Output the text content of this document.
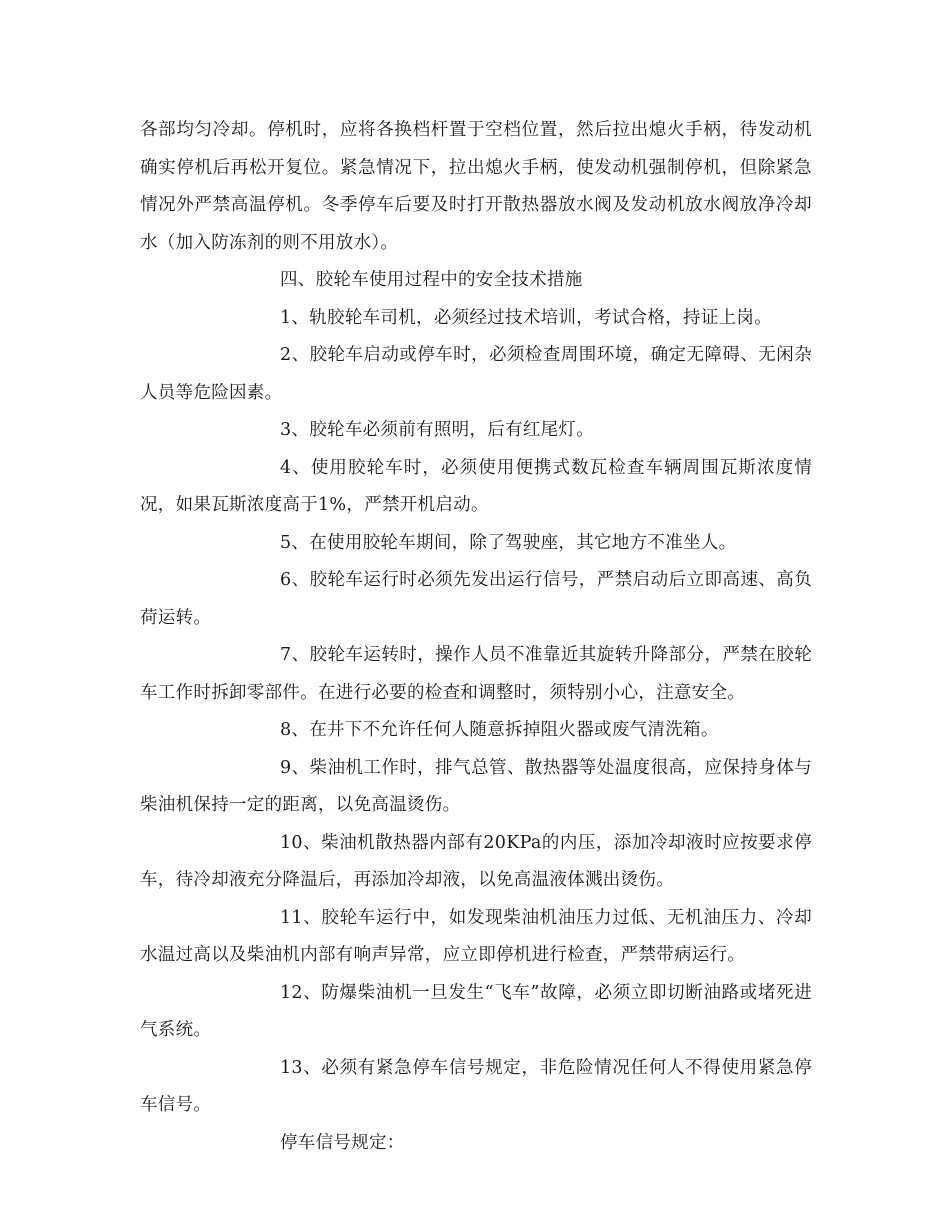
各部均匀冷却。停机时，应将各换档杆置于空档位置，然后拉出熄火手柄，待发动机确实停机后再松开复位。紧急情况下，拉出熄火手柄，使发动机强制停机，但除紧急情况外严禁高温停机。冬季停车后要及时打开散热器放水阀及发动机放水阀放净冷却水（加入防冻剂的则不用放水）。

四、胶轮车使用过程中的安全技术措施

1、轨胶轮车司机，必须经过技术培训，考试合格，持证上岗。

2、胶轮车启动或停车时，必须检查周围环境，确定无障碍、无闲杂人员等危险因素。

3、胶轮车必须前有照明，后有红尾灯。

4、使用胶轮车时，必须使用便携式数瓦检查车辆周围瓦斯浓度情况，如果瓦斯浓度高于1%，严禁开机启动。

5、在使用胶轮车期间，除了驾驶座，其它地方不准坐人。

6、胶轮车运行时必须先发出运行信号，严禁启动后立即高速、高负荷运转。

7、胶轮车运转时，操作人员不准靠近其旋转升降部分，严禁在胶轮车工作时拆卸零部件。在进行必要的检查和调整时，须特别小心，注意安全。

8、在井下不允许任何人随意拆掉阻火器或废气清洗箱。

9、柴油机工作时，排气总管、散热器等处温度很高，应保持身体与柴油机保持一定的距离，以免高温烫伤。

10、柴油机散热器内部有20KPa的内压，添加冷却液时应按要求停车，待冷却液充分降温后，再添加冷却液，以免高温液体溅出烫伤。

11、胶轮车运行中，如发现柴油机油压力过低、无机油压力、冷却水温过高以及柴油机内部有响声异常，应立即停机进行检查，严禁带病运行。

12、防爆柴油机一旦发生“飞车”故障，必须立即切断油路或堵死进气系统。

13、必须有紧急停车信号规定，非危险情况任何人不得使用紧急停车信号。

停车信号规定：
